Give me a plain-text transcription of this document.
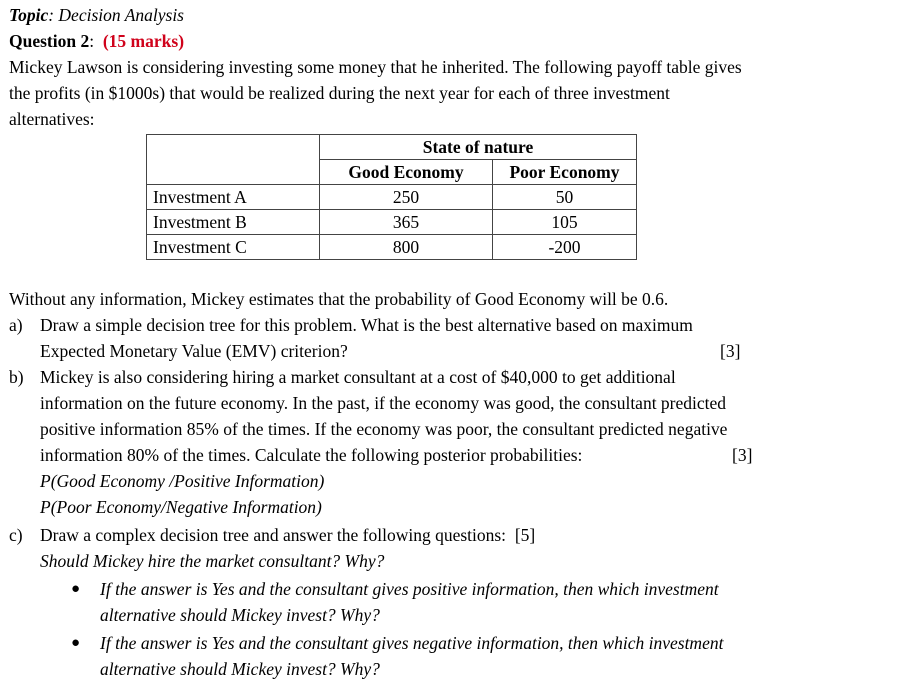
Topic: Decision Analysis
Question 2:  (15 marks)
Mickey Lawson is considering investing some money that he inherited. The following payoff table gives
the profits (in $1000s) that would be realized during the next year for each of three investment
alternatives:
	State of nature	
	Good Economy	Poor Economy
Investment A	250	50
Investment B	365	105
Investment C	800	-200
Without any information, Mickey estimates that the probability of Good Economy will be 0.6.
a) Draw a simple decision tree for this problem. What is the best alternative based on maximum
Expected Monetary Value (EMV) criterion?	[3]
b) Mickey is also considering hiring a market consultant at a cost of $40,000 to get additional
information on the future economy. In the past, if the economy was good, the consultant predicted
positive information 85% of the times. If the economy was poor, the consultant predicted negative
information 80% of the times. Calculate the following posterior probabilities:	[3]
P(Good Economy /Positive Information)
P(Poor Economy/Negative Information)
c) Draw a complex decision tree and answer the following questions: [5]
Should Mickey hire the market consultant? Why?
● If the answer is Yes and the consultant gives positive information, then which investment
alternative should Mickey invest? Why?
● If the answer is Yes and the consultant gives negative information, then which investment
alternative should Mickey invest? Why?
